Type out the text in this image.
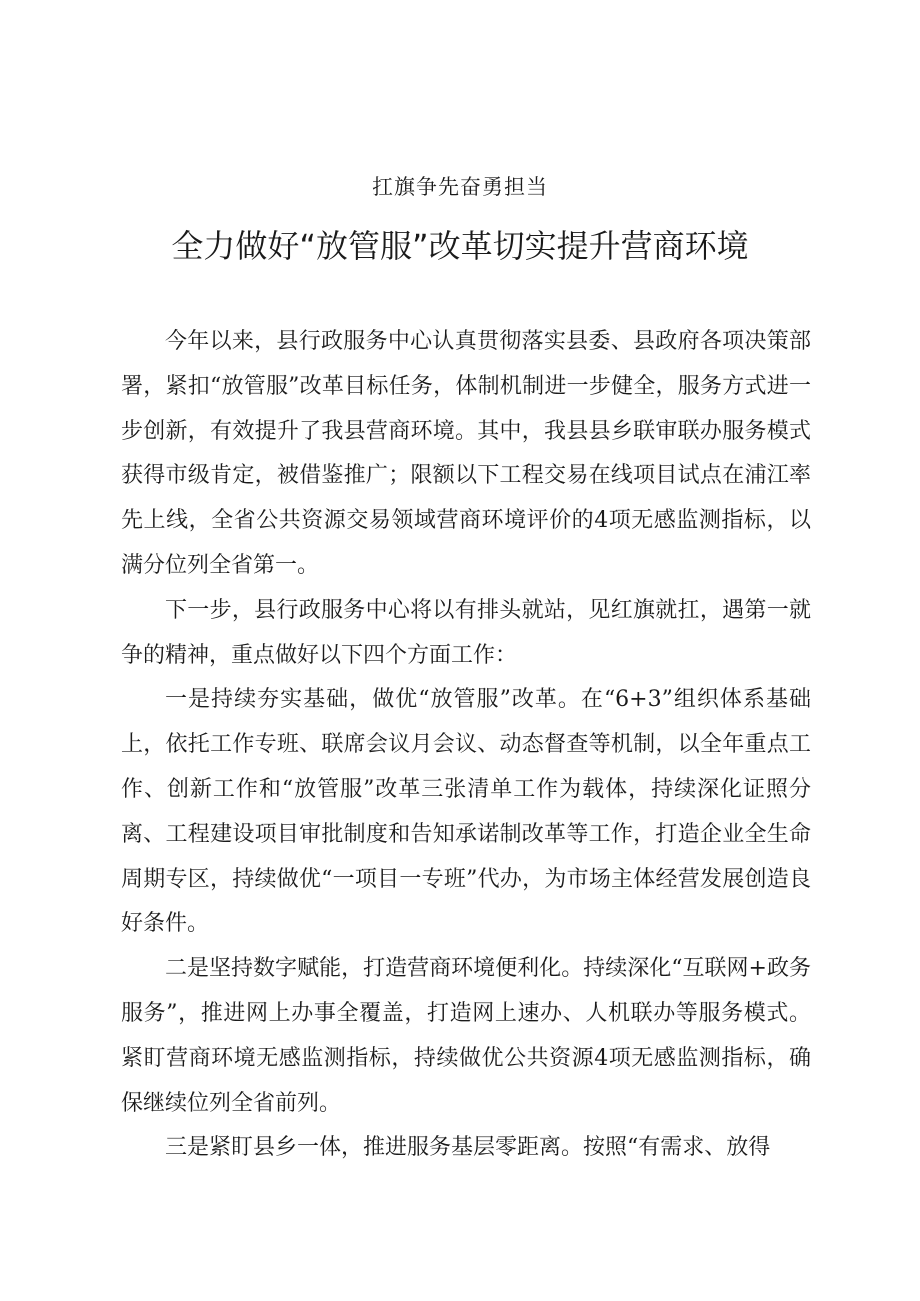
扛旗争先奋勇担当
全力做好“放管服”改革切实提升营商环境

今年以来，县行政服务中心认真贯彻落实县委、县政府各项决策部署，紧扣“放管服”改革目标任务，体制机制进一步健全，服务方式进一步创新，有效提升了我县营商环境。其中，我县县乡联审联办服务模式获得市级肯定，被借鉴推广；限额以下工程交易在线项目试点在浦江率先上线，全省公共资源交易领域营商环境评价的4项无感监测指标，以满分位列全省第一。

下一步，县行政服务中心将以有排头就站，见红旗就扛，遇第一就争的精神，重点做好以下四个方面工作：

一是持续夯实基础，做优“放管服”改革。在“6+3”组织体系基础上，依托工作专班、联席会议月会议、动态督查等机制，以全年重点工作、创新工作和“放管服”改革三张清单工作为载体，持续深化证照分离、工程建设项目审批制度和告知承诺制改革等工作，打造企业全生命周期专区，持续做优“一项目一专班”代办，为市场主体经营发展创造良好条件。

二是坚持数字赋能，打造营商环境便利化。持续深化“互联网+政务服务”，推进网上办事全覆盖，打造网上速办、人机联办等服务模式。紧盯营商环境无感监测指标，持续做优公共资源4项无感监测指标，确保继续位列全省前列。

三是紧盯县乡一体，推进服务基层零距离。按照“有需求、放得
